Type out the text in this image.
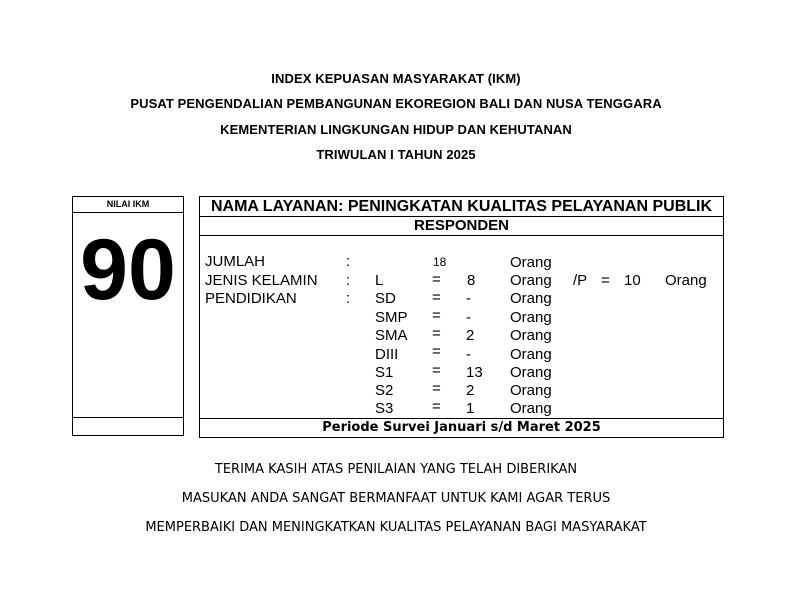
INDEX KEPUASAN MASYARAKAT (IKM)
PUSAT PENGENDALIAN PEMBANGUNAN EKOREGION BALI DAN NUSA TENGGARA
KEMENTERIAN LINGKUNGAN HIDUP DAN KEHUTANAN
TRIWULAN I TAHUN 2025
NILAI IKM
90
NAMA LAYANAN: PENINGKATAN KUALITAS PELAYANAN PUBLIK
RESPONDEN
JUMLAH	:	18	Orang
JENIS KELAMIN : L	= 8 Orang /P = 10 Orang
PENDIDIKAN	: SD = -	Orang
SMP = -	Orang
SMA = 2 Orang
DIII = -	Orang
S1	= 13 Orang
S2	= 2 Orang
S3	= 1 Orang
Periode Survei Januari s/d Maret 2025
TERIMA KASIH ATAS PENILAIAN YANG TELAH DIBERIKAN
MASUKAN ANDA SANGAT BERMANFAAT UNTUK KAMI AGAR TERUS
MEMPERBAIKI DAN MENINGKATKAN KUALITAS PELAYANAN BAGI MASYARAKAT
